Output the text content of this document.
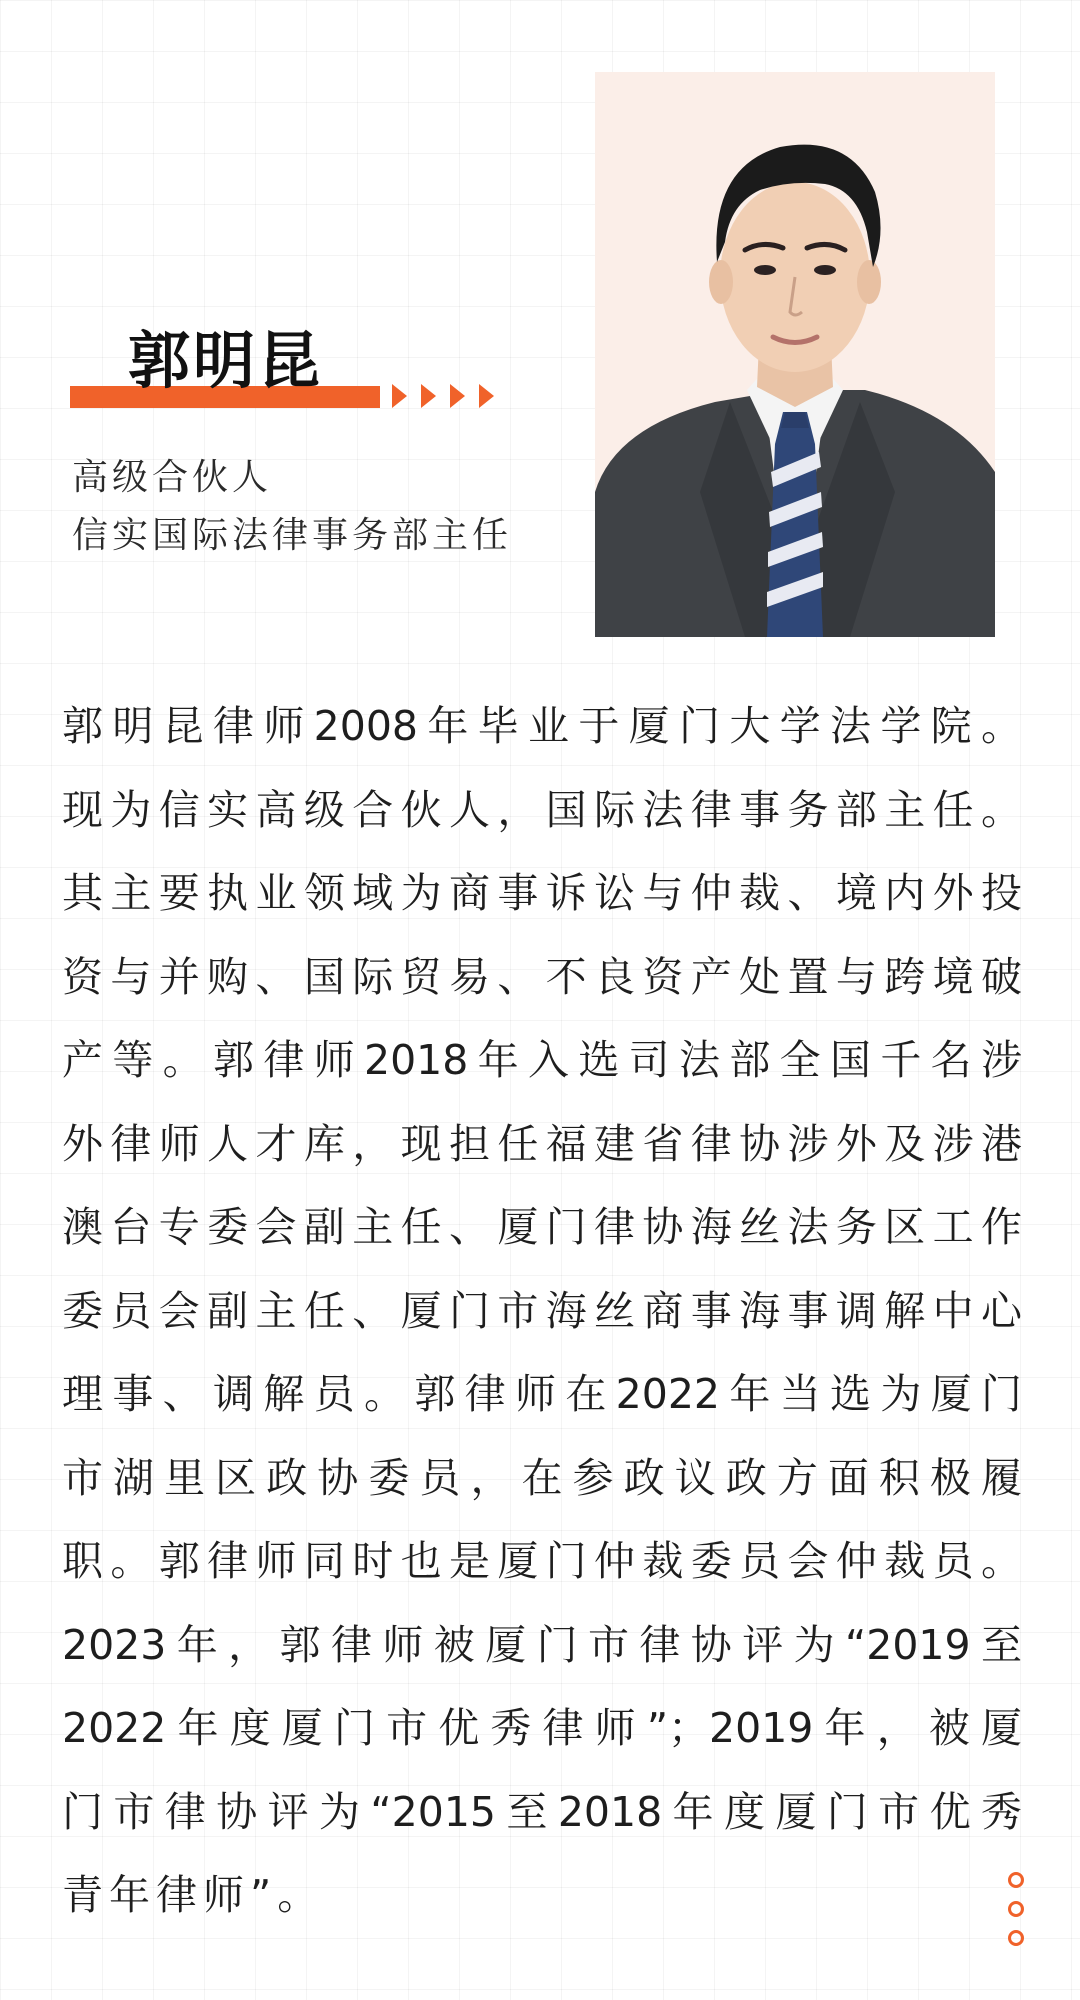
郭明昆
高级合伙人
信实国际法律事务部主任
郭明昆律师2008年毕业于厦门大学法学院。
现为信实高级合伙人，国际法律事务部主任。
其主要执业领域为商事诉讼与仲裁、境内外投
资与并购、国际贸易、不良资产处置与跨境破
产等。郭律师2018年入选司法部全国千名涉
外律师人才库，现担任福建省律协涉外及涉港
澳台专委会副主任、厦门律协海丝法务区工作
委员会副主任、厦门市海丝商事海事调解中心
理事、调解员。郭律师在2022年当选为厦门
市湖里区政协委员，在参政议政方面积极履
职。郭律师同时也是厦门仲裁委员会仲裁员。
2023年，郭律师被厦门市律协评为“2019至
2022年度厦门市优秀律师”；2019年，被厦
门市律协评为“2015至2018年度厦门市优秀
青年律师”。
